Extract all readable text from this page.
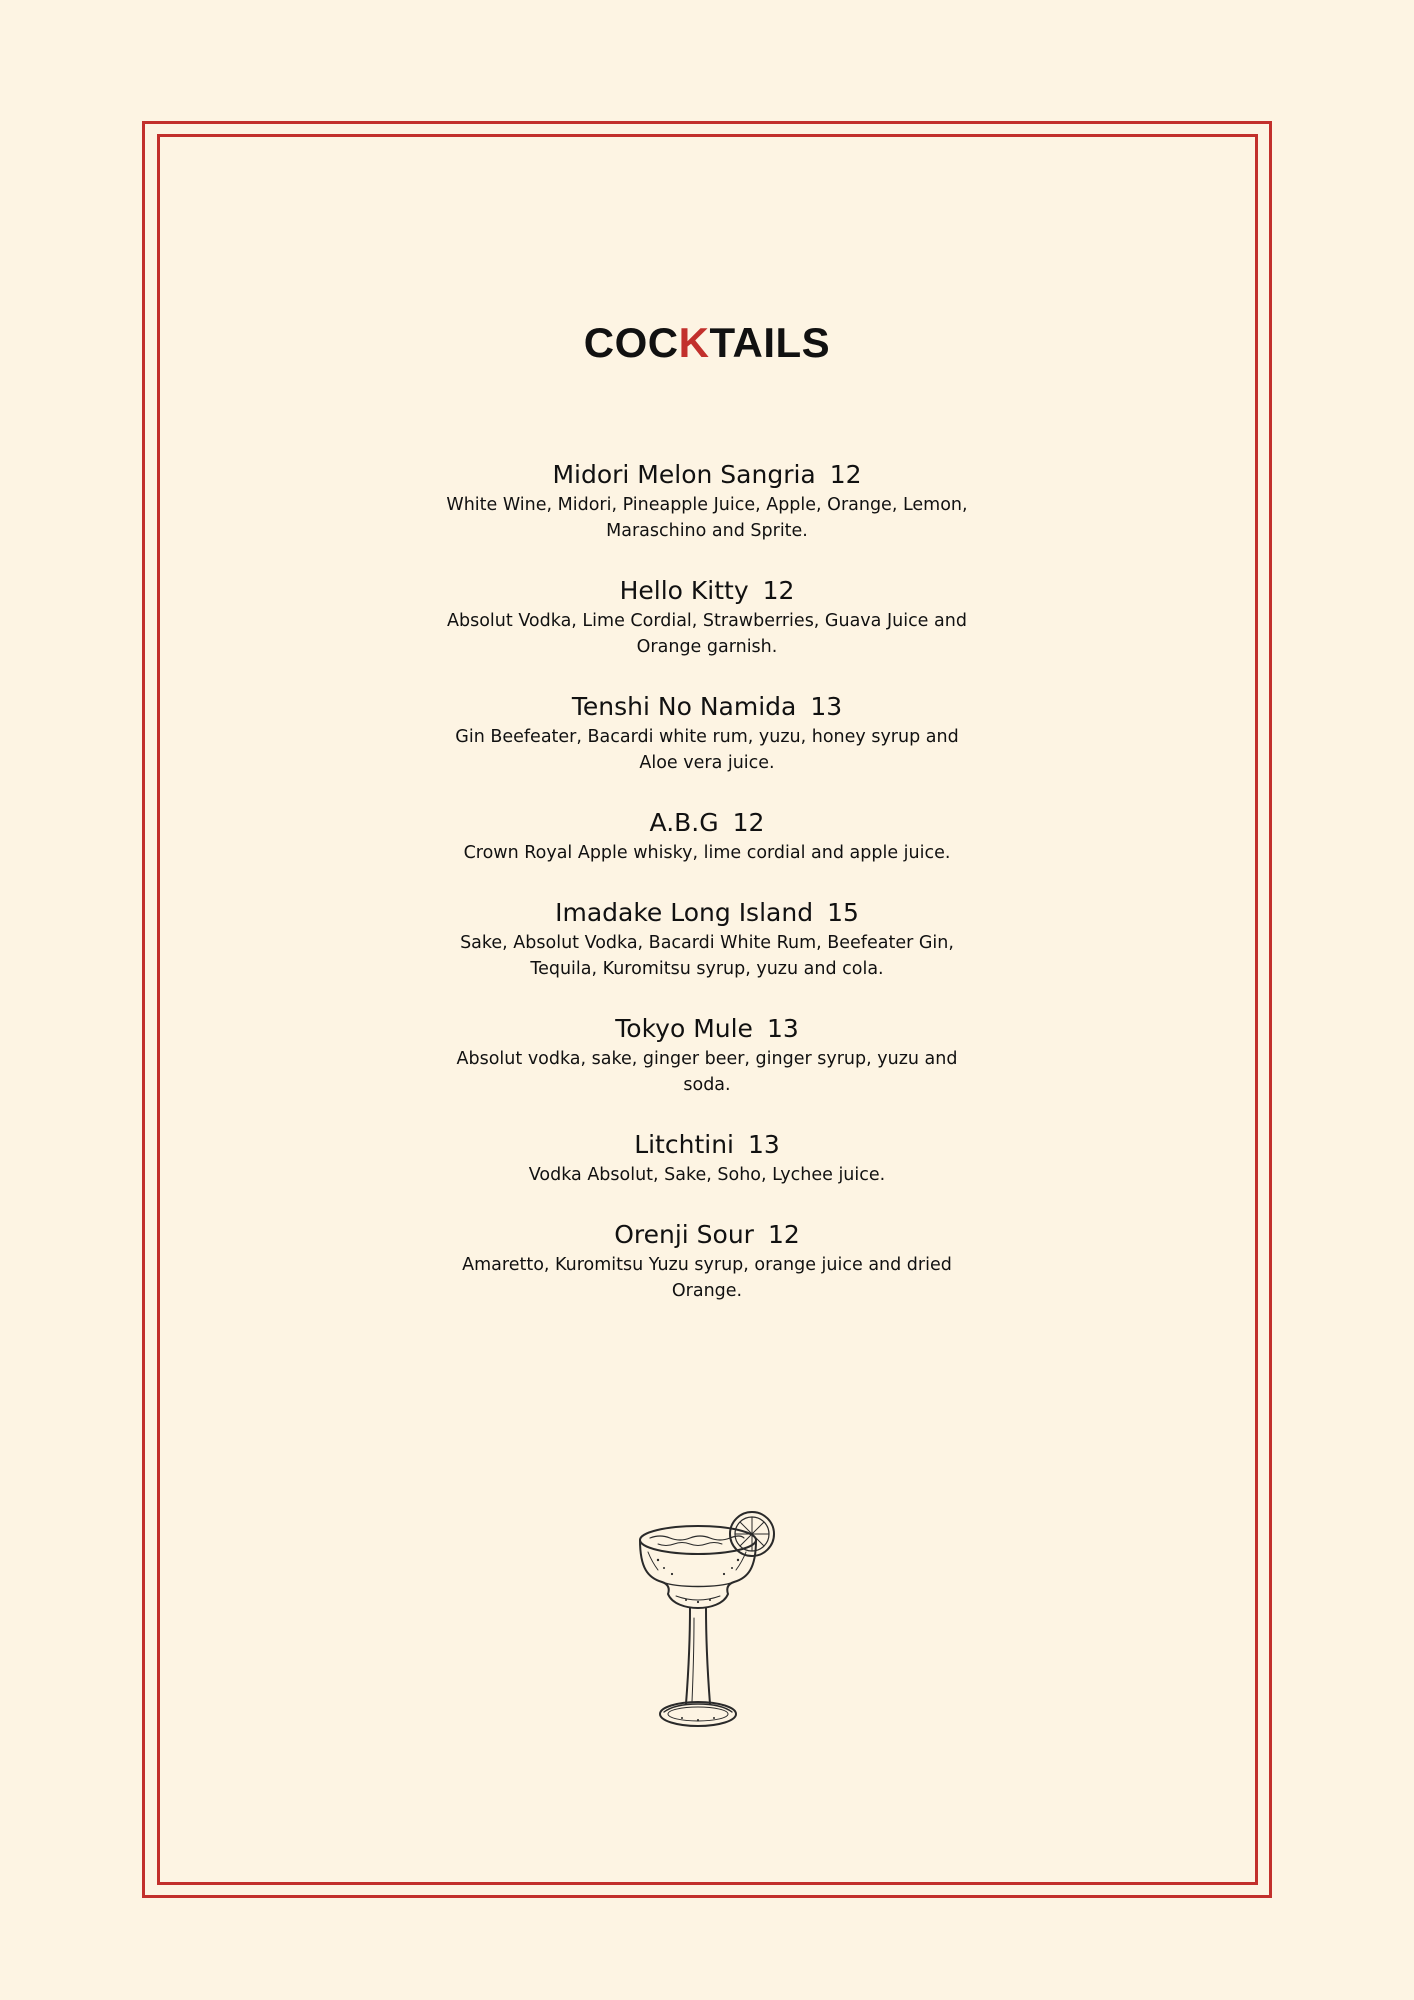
COCKTAILS
Midori Melon Sangria 12
White Wine, Midori, Pineapple Juice, Apple, Orange, Lemon, Maraschino and Sprite.
Hello Kitty 12
Absolut Vodka, Lime Cordial, Strawberries, Guava Juice and Orange garnish.
Tenshi No Namida 13
Gin Beefeater, Bacardi white rum, yuzu, honey syrup and Aloe vera juice.
A.B.G 12
Crown Royal Apple whisky, lime cordial and apple juice.
Imadake Long Island 15
Sake, Absolut Vodka, Bacardi White Rum, Beefeater Gin, Tequila, Kuromitsu syrup, yuzu and cola.
Tokyo Mule 13
Absolut vodka, sake, ginger beer, ginger syrup, yuzu and soda.
Litchtini 13
Vodka Absolut, Sake, Soho, Lychee juice.
Orenji Sour 12
Amaretto, Kuromitsu Yuzu syrup, orange juice and dried Orange.
